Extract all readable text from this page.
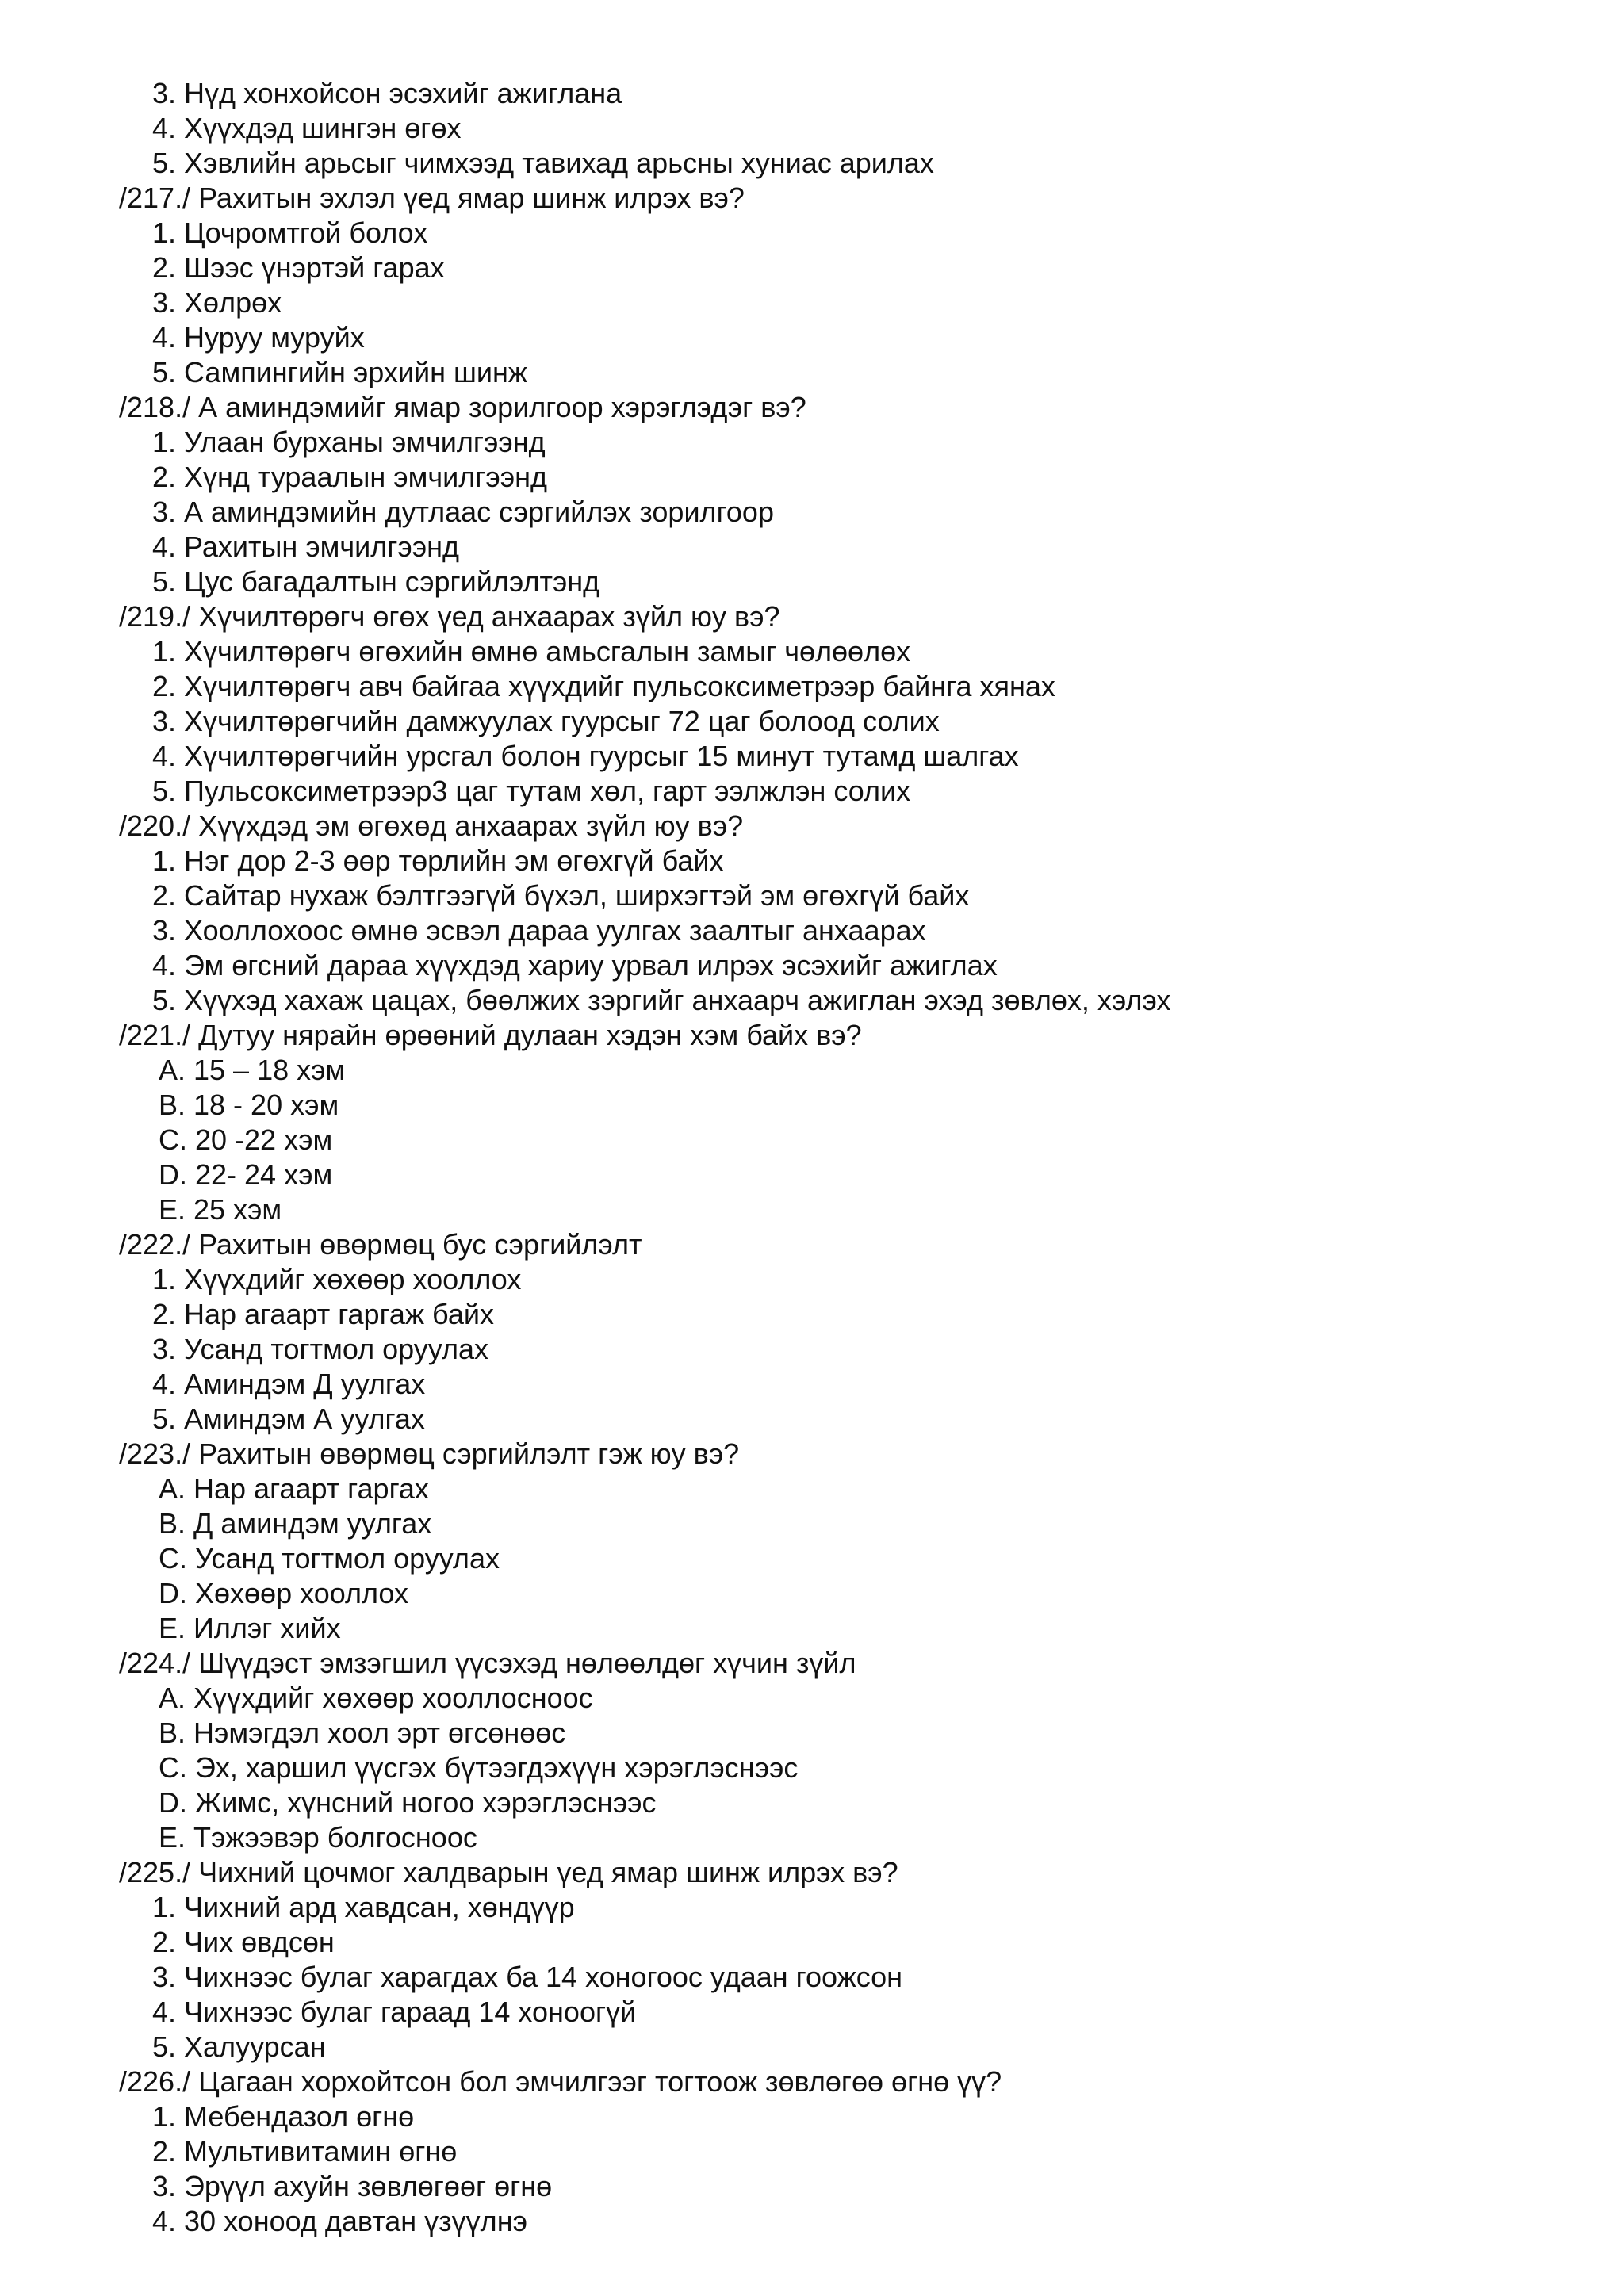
3. Нүд хонхойсон эсэхийг ажиглана
4. Хүүхдэд шингэн өгөх
5. Хэвлийн арьсыг чимхээд тавихад арьсны хуниас арилах
/217./ Рахитын эхлэл үед ямар шинж илрэх вэ?
1. Цочромтгой болох
2. Шээс үнэртэй гарах
3. Хөлрөх
4. Нуруу муруйх
5. Сампингийн эрхийн шинж
/218./ А аминдэмийг ямар зорилгоор хэрэглэдэг вэ?
1. Улаан бурханы эмчилгээнд
2. Хүнд тураалын эмчилгээнд
3. А аминдэмийн дутлаас сэргийлэх зорилгоор
4. Рахитын эмчилгээнд
5. Цус багадалтын сэргийлэлтэнд
/219./ Хүчилтөрөгч өгөх үед анхаарах зүйл юу вэ?
1. Хүчилтөрөгч өгөхийн өмнө амьсгалын замыг чөлөөлөх
2. Хүчилтөрөгч авч байгаа хүүхдийг пульсоксиметрээр байнга хянах
3. Хүчилтөрөгчийн дамжуулах гуурсыг 72 цаг болоод солих
4. Хүчилтөрөгчийн урсгал болон гуурсыг 15 минут тутамд шалгах
5. Пульсоксиметрээр3 цаг тутам хөл, гарт ээлжлэн солих
/220./ Хүүхдэд эм өгөхөд анхаарах зүйл юу вэ?
1. Нэг дор 2-3 өөр төрлийн эм өгөхгүй байх
2. Сайтар нухаж бэлтгээгүй бүхэл, ширхэгтэй эм өгөхгүй байх
3. Хооллохоос өмнө эсвэл дараа уулгах заалтыг анхаарах
4. Эм өгсний дараа хүүхдэд хариу урвал илрэх эсэхийг ажиглах
5. Хүүхэд хахаж цацах, бөөлжих зэргийг анхаарч ажиглан эхэд зөвлөх, хэлэх
/221./ Дутуу нярайн өрөөний дулаан хэдэн хэм байх вэ?
A. 15 – 18 хэм
B. 18 - 20 хэм
C. 20 -22 хэм
D. 22- 24 хэм
E. 25 хэм
/222./ Рахитын өвөрмөц бус сэргийлэлт
1. Хүүхдийг хөхөөр хооллох
2. Нар агаарт гаргаж байх
3. Усанд тогтмол оруулах
4. Аминдэм Д уулгах
5. Аминдэм А уулгах
/223./ Рахитын өвөрмөц сэргийлэлт гэж юу вэ?
A. Нар агаарт гаргах
B. Д аминдэм уулгах
C. Усанд тогтмол оруулах
D. Хөхөөр хооллох
E. Иллэг хийх
/224./ Шүүдэст эмзэгшил үүсэхэд нөлөөлдөг хүчин зүйл
A. Хүүхдийг хөхөөр хооллосноос
B. Нэмэгдэл хоол эрт өгсөнөөс
C. Эх, харшил үүсгэх бүтээгдэхүүн хэрэглэснээс
D. Жимс, хүнсний ногоо хэрэглэснээс
E. Тэжээвэр болгосноос
/225./ Чихний цочмог халдварын үед ямар шинж илрэх вэ?
1. Чихний ард хавдсан, хөндүүр
2. Чих өвдсөн
3. Чихнээс булаг харагдах ба 14 хоногоос удаан гоожсон
4. Чихнээс булаг гараад 14 хоноогүй
5. Халуурсан
/226./ Цагаан хорхойтсон бол эмчилгээг тогтоож зөвлөгөө өгнө үү?
1. Мебендазол өгнө
2. Мультивитамин өгнө
3. Эрүүл ахуйн зөвлөгөөг өгнө
4. 30 хоноод давтан үзүүлнэ
